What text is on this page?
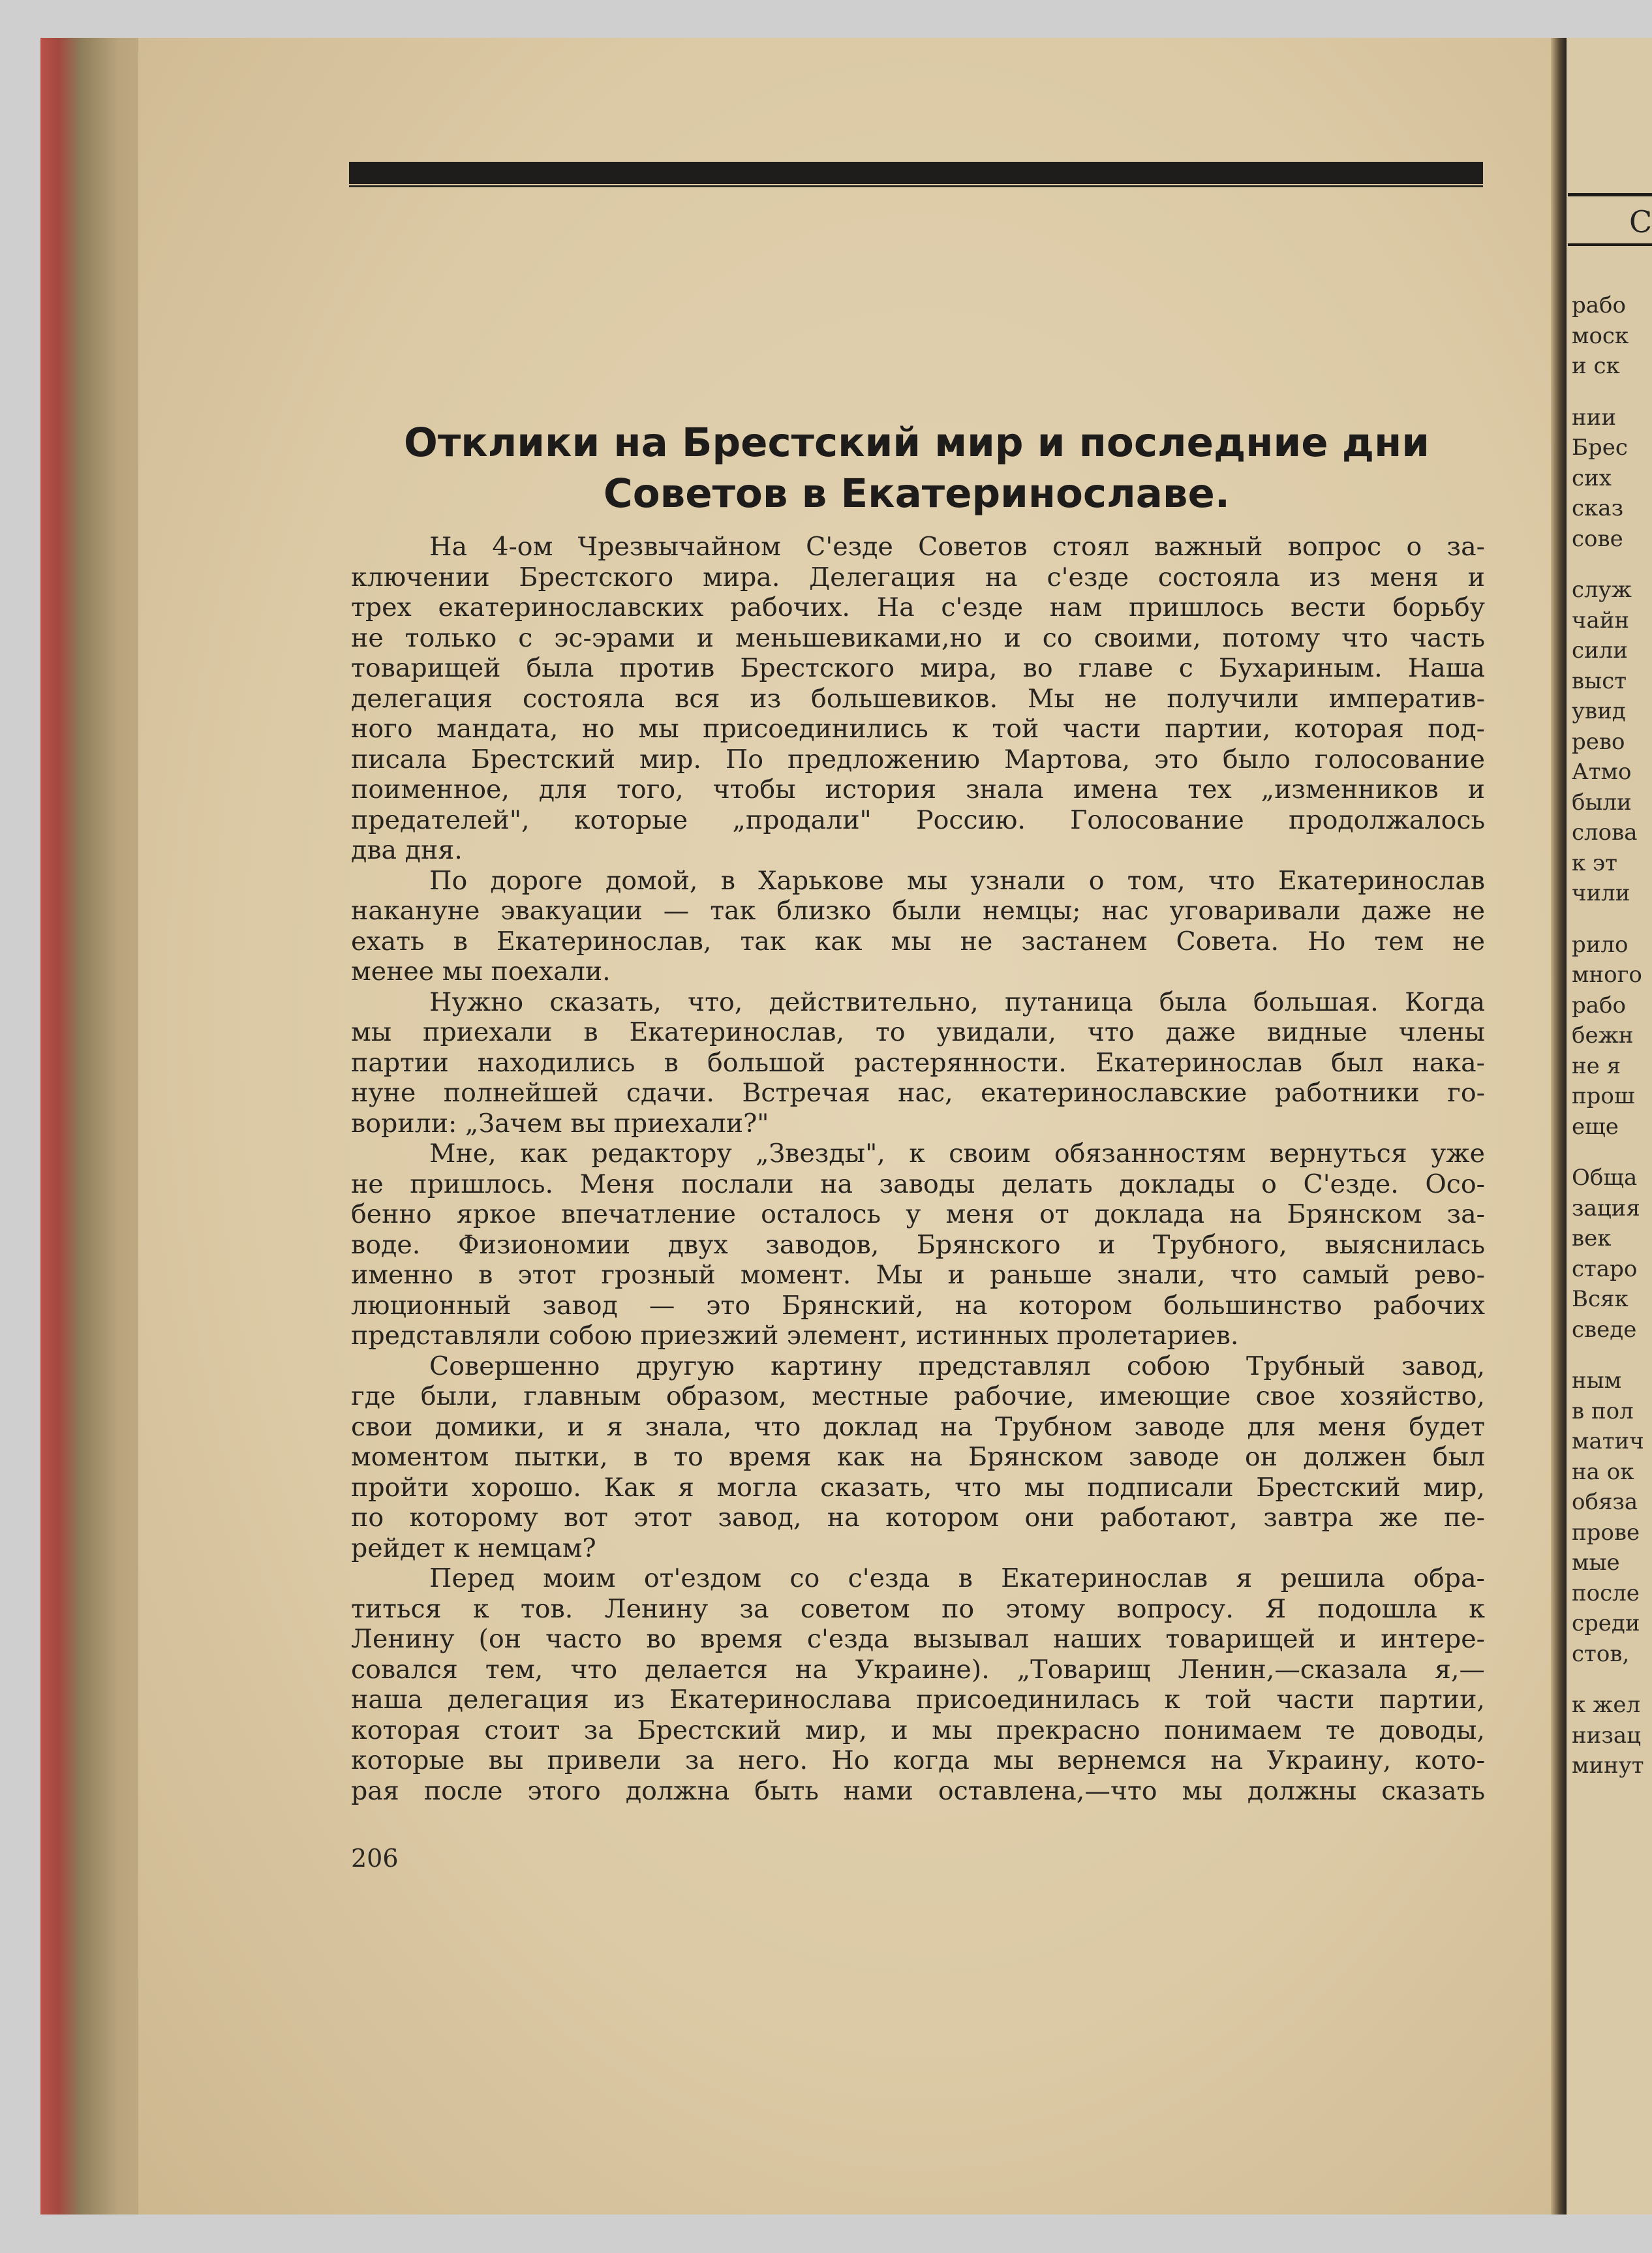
С
рабо
моск
и ск
нии
Брес
сих
сказ
сове
служ
чайн
сили
выст
увид
рево
Атмо
были
слова
к эт
чили
рило
много
рабо
бежн
не я
прош
еще
Обща
зация
век
старо
Всяк
сведе
ным
в пол
матич
на ок
обяза
прове
мые
после
среди
стов,
к жел
низац
минут
Отклики на Брестский мир и последние дни
Советов в Екатеринославе.
На 4-ом Чрезвычайном С'езде Советов стоял важный вопрос о за-
ключении Брестского мира. Делегация на с'езде состояла из меня и
трех екатеринославских рабочих. На с'езде нам пришлось вести борьбу
не только с эс-эрами и меньшевиками,но и со своими, потому что часть
товарищей была против Брестского мира, во главе с Бухариным. Наша
делегация состояла вся из большевиков. Мы не получили императив-
ного мандата, но мы присоединились к той части партии, которая под-
писала Брестский мир. По предложению Мартова, это было голосование
поименное, для того, чтобы история знала имена тех „изменников и
предателей", которые „продали" Россию. Голосование продолжалось
два дня.
По дороге домой, в Харькове мы узнали о том, что Екатеринослав
накануне эвакуации — так близко были немцы; нас уговаривали даже не
ехать в Екатеринослав, так как мы не застанем Совета. Но тем не
менее мы поехали.
Нужно сказать, что, действительно, путаница была большая. Когда
мы приехали в Екатеринослав, то увидали, что даже видные члены
партии находились в большой растерянности. Екатеринослав был нака-
нуне полнейшей сдачи. Встречая нас, екатеринославские работники го-
ворили: „Зачем вы приехали?"
Мне, как редактору „Звезды", к своим обязанностям вернуться уже
не пришлось. Меня послали на заводы делать доклады о С'езде. Осо-
бенно яркое впечатление осталось у меня от доклада на Брянском за-
воде. Физиономии двух заводов, Брянского и Трубного, выяснилась
именно в этот грозный момент. Мы и раньше знали, что самый рево-
люционный завод — это Брянский, на котором большинство рабочих
представляли собою приезжий элемент, истинных пролетариев.
Совершенно другую картину представлял собою Трубный завод,
где были, главным образом, местные рабочие, имеющие свое хозяйство,
свои домики, и я знала, что доклад на Трубном заводе для меня будет
моментом пытки, в то время как на Брянском заводе он должен был
пройти хорошо. Как я могла сказать, что мы подписали Брестский мир,
по которому вот этот завод, на котором они работают, завтра же пе-
рейдет к немцам?
Перед моим от'ездом со с'езда в Екатеринослав я решила обра-
титься к тов. Ленину за советом по этому вопросу. Я подошла к
Ленину (он часто во время с'езда вызывал наших товарищей и интере-
совался тем, что делается на Украине). „Товарищ Ленин,—сказала я,—
наша делегация из Екатеринослава присоединилась к той части партии,
которая стоит за Брестский мир, и мы прекрасно понимаем те доводы,
которые вы привели за него. Но когда мы вернемся на Украину, кото-
рая после этого должна быть нами оставлена,—что мы должны сказать
206
